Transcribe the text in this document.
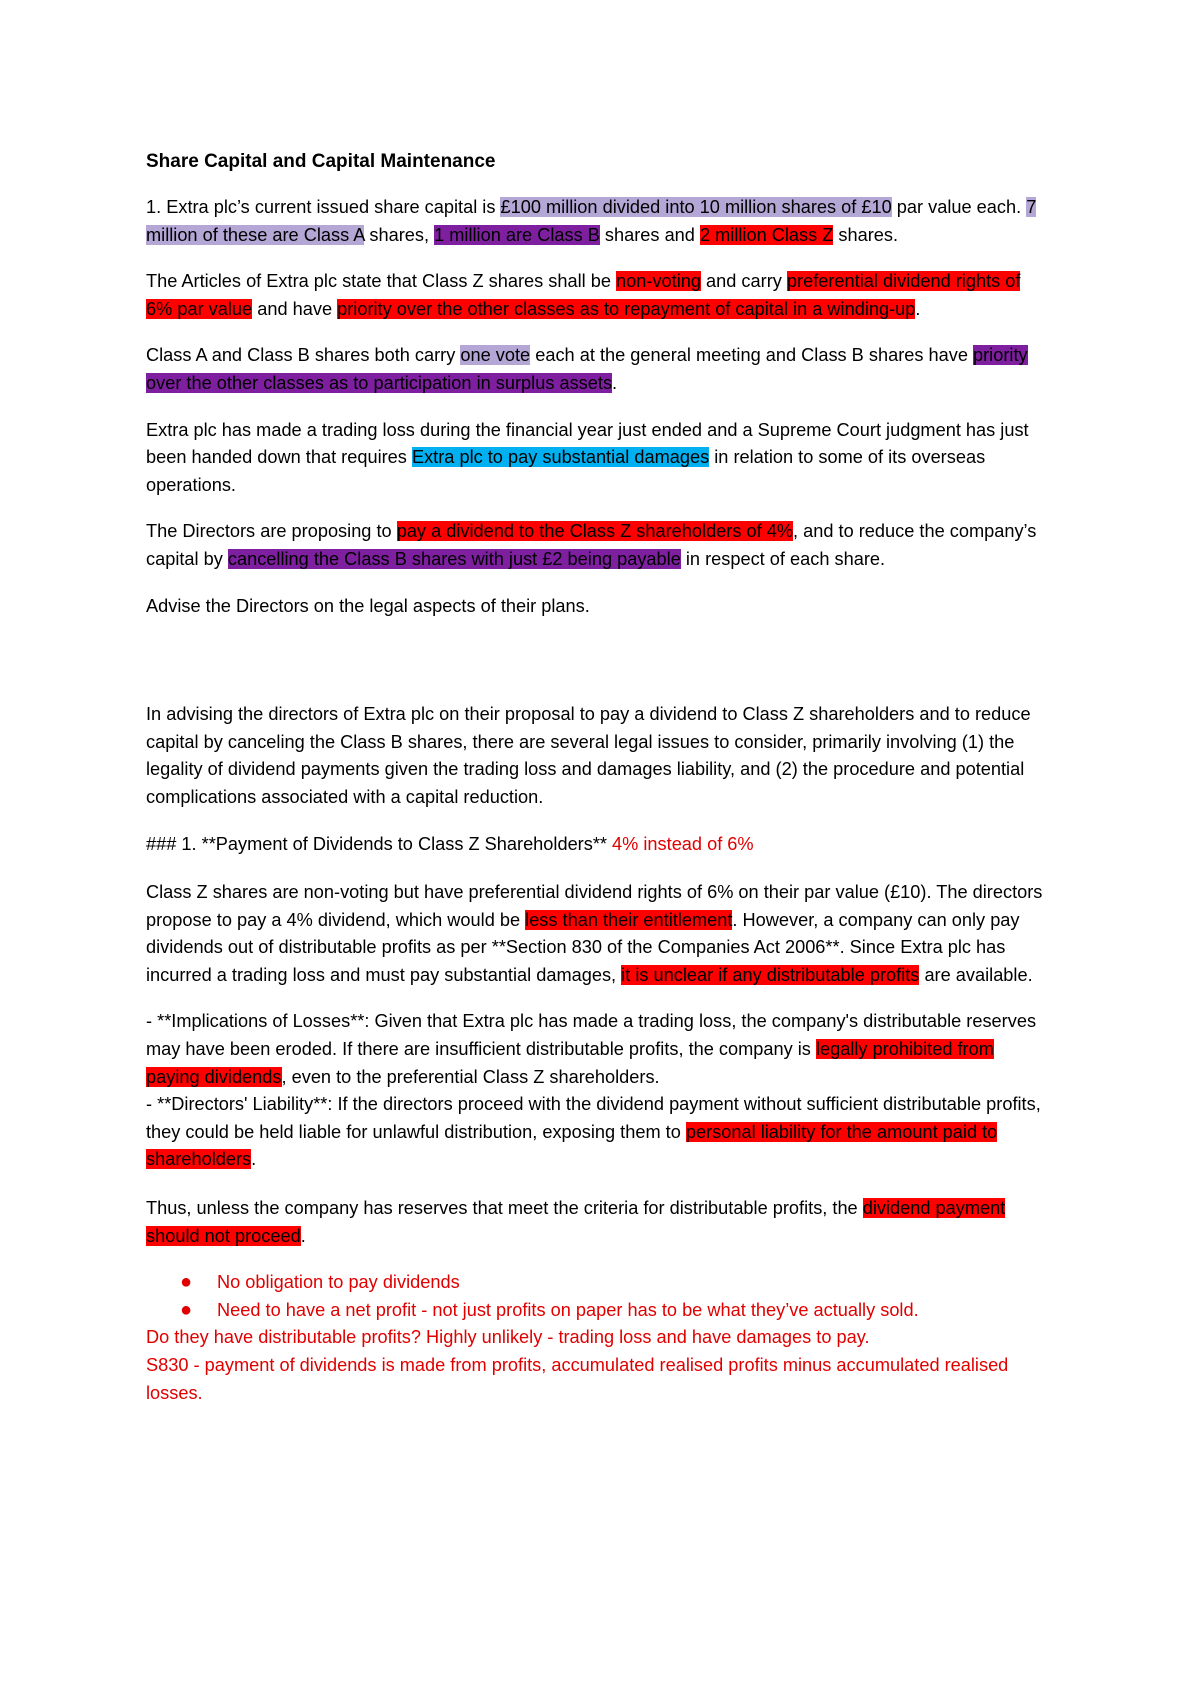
Share Capital and Capital Maintenance

1. Extra plc’s current issued share capital is £100 million divided into 10 million shares of £10 par value each. 7 million of these are Class A shares, 1 million are Class B shares and 2 million Class Z shares.

The Articles of Extra plc state that Class Z shares shall be non-voting and carry preferential dividend rights of 6% par value and have priority over the other classes as to repayment of capital in a winding-up.

Class A and Class B shares both carry one vote each at the general meeting and Class B shares have priority over the other classes as to participation in surplus assets.

Extra plc has made a trading loss during the financial year just ended and a Supreme Court judgment has just been handed down that requires Extra plc to pay substantial damages in relation to some of its overseas operations.

The Directors are proposing to pay a dividend to the Class Z shareholders of 4%, and to reduce the company’s capital by cancelling the Class B shares with just £2 being payable in respect of each share.

Advise the Directors on the legal aspects of their plans.

In advising the directors of Extra plc on their proposal to pay a dividend to Class Z shareholders and to reduce capital by canceling the Class B shares, there are several legal issues to consider, primarily involving (1) the legality of dividend payments given the trading loss and damages liability, and (2) the procedure and potential complications associated with a capital reduction.

### 1. **Payment of Dividends to Class Z Shareholders** 4% instead of 6%

Class Z shares are non-voting but have preferential dividend rights of 6% on their par value (£10). The directors propose to pay a 4% dividend, which would be less than their entitlement. However, a company can only pay dividends out of distributable profits as per **Section 830 of the Companies Act 2006**. Since Extra plc has incurred a trading loss and must pay substantial damages, it is unclear if any distributable profits are available.

- **Implications of Losses**: Given that Extra plc has made a trading loss, the company's distributable reserves may have been eroded. If there are insufficient distributable profits, the company is legally prohibited from paying dividends, even to the preferential Class Z shareholders.
- **Directors' Liability**: If the directors proceed with the dividend payment without sufficient distributable profits, they could be held liable for unlawful distribution, exposing them to personal liability for the amount paid to shareholders.

Thus, unless the company has reserves that meet the criteria for distributable profits, the dividend payment should not proceed.

● No obligation to pay dividends
● Need to have a net profit - not just profits on paper has to be what they’ve actually sold.
Do they have distributable profits? Highly unlikely - trading loss and have damages to pay.
S830 - payment of dividends is made from profits, accumulated realised profits minus accumulated realised losses.
